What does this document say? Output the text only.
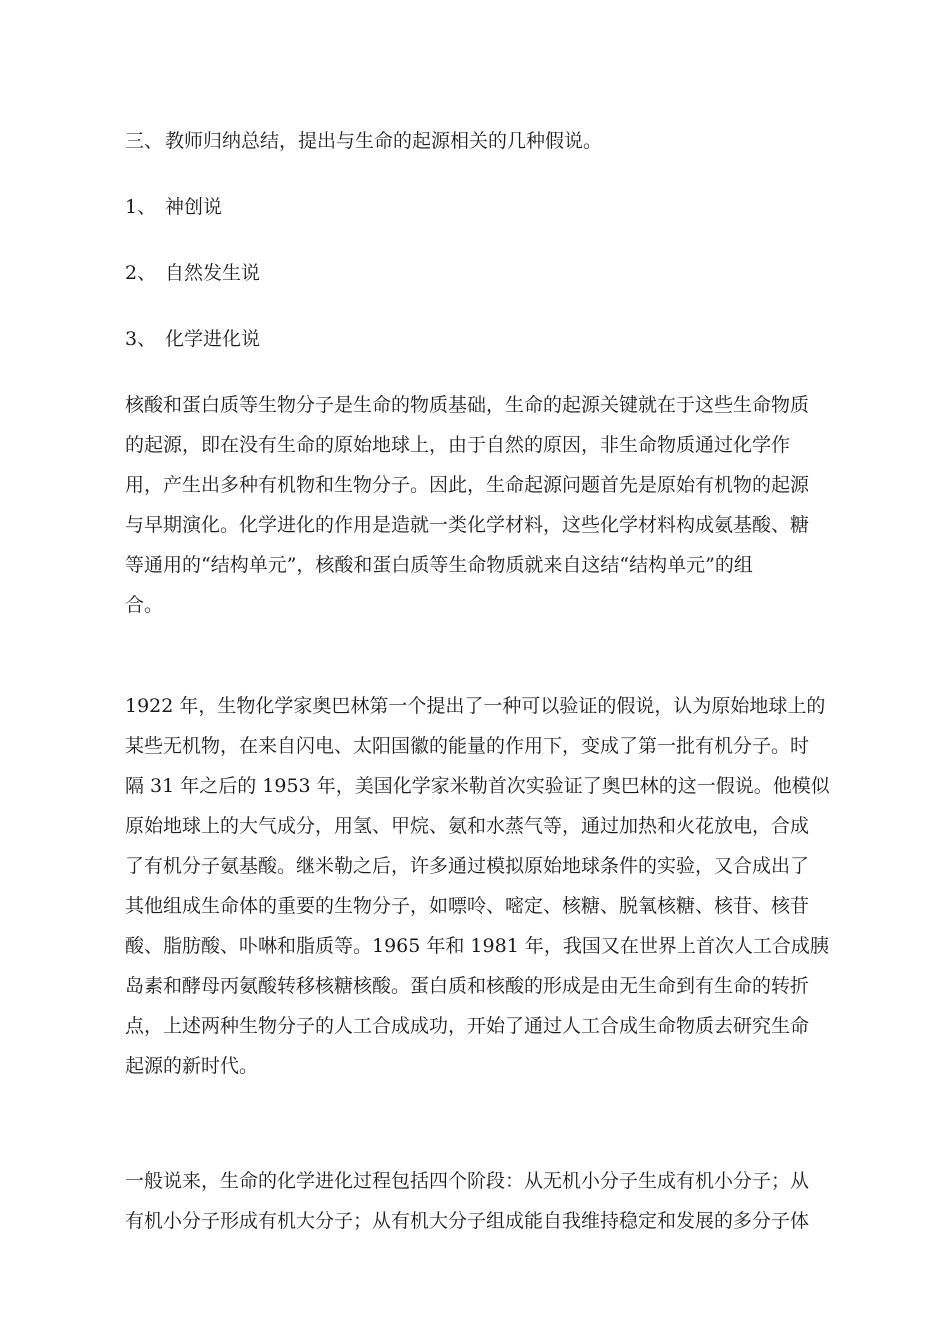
三、 教师归纳总结，提出与生命的起源相关的几种假说。
1、 神创说
2、 自然发生说
3、 化学进化说
核酸和蛋白质等生物分子是生命的物质基础，生命的起源关键就在于这些生命物质
的起源，即在没有生命的原始地球上，由于自然的原因，非生命物质通过化学作
用，产生出多种有机物和生物分子。因此，生命起源问题首先是原始有机物的起源
与早期演化。化学进化的作用是造就一类化学材料，这些化学材料构成氨基酸、糖
等通用的“结构单元”，核酸和蛋白质等生命物质就来自这结“结构单元”的组
合。
1922 年，生物化学家奥巴林第一个提出了一种可以验证的假说，认为原始地球上的
某些无机物，在来自闪电、太阳国徽的能量的作用下，变成了第一批有机分子。时
隔 31 年之后的 1953 年，美国化学家米勒首次实验证了奥巴林的这一假说。他模似
原始地球上的大气成分，用氢、甲烷、氨和水蒸气等，通过加热和火花放电，合成
了有机分子氨基酸。继米勒之后，许多通过模拟原始地球条件的实验，又合成出了
其他组成生命体的重要的生物分子，如嘌呤、嘧定、核糖、脱氧核糖、核苷、核苷
酸、脂肪酸、卟啉和脂质等。1965 年和 1981 年，我国又在世界上首次人工合成胰
岛素和酵母丙氨酸转移核糖核酸。蛋白质和核酸的形成是由无生命到有生命的转折
点，上述两种生物分子的人工合成成功，开始了通过人工合成生命物质去研究生命
起源的新时代。
一般说来，生命的化学进化过程包括四个阶段：从无机小分子生成有机小分子；从
有机小分子形成有机大分子；从有机大分子组成能自我维持稳定和发展的多分子体
